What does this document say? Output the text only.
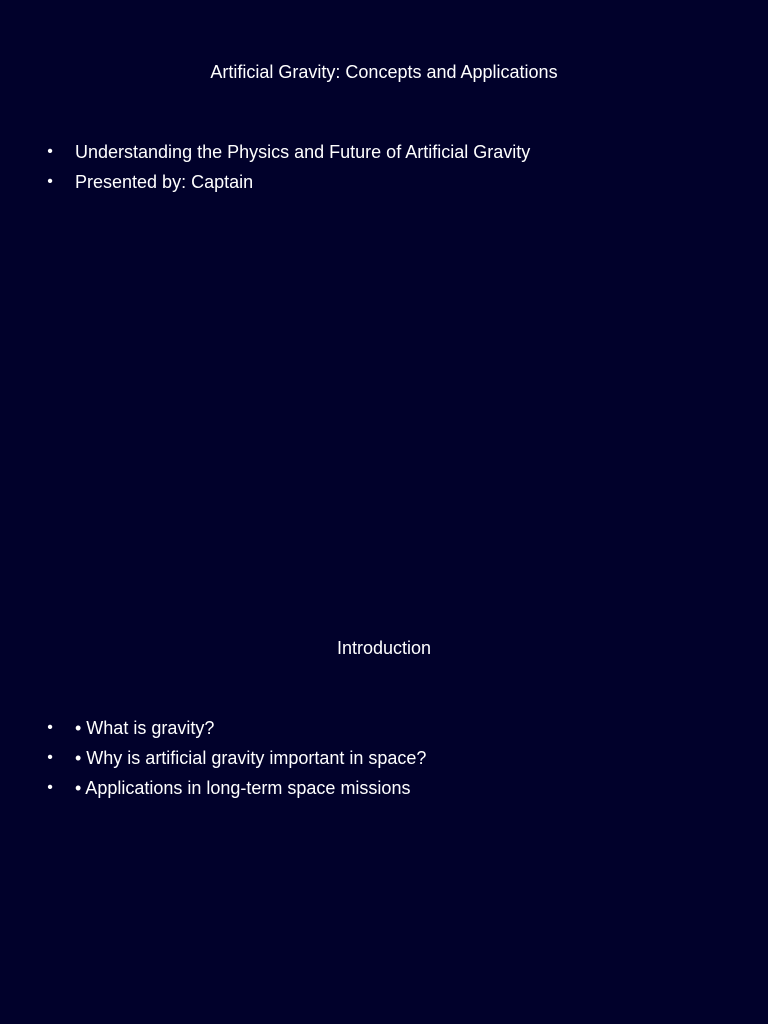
Artificial Gravity: Concepts and Applications
• Understanding the Physics and Future of Artificial Gravity
• Presented by: Captain
Introduction
• • What is gravity?
• • Why is artificial gravity important in space?
• • Applications in long-term space missions
